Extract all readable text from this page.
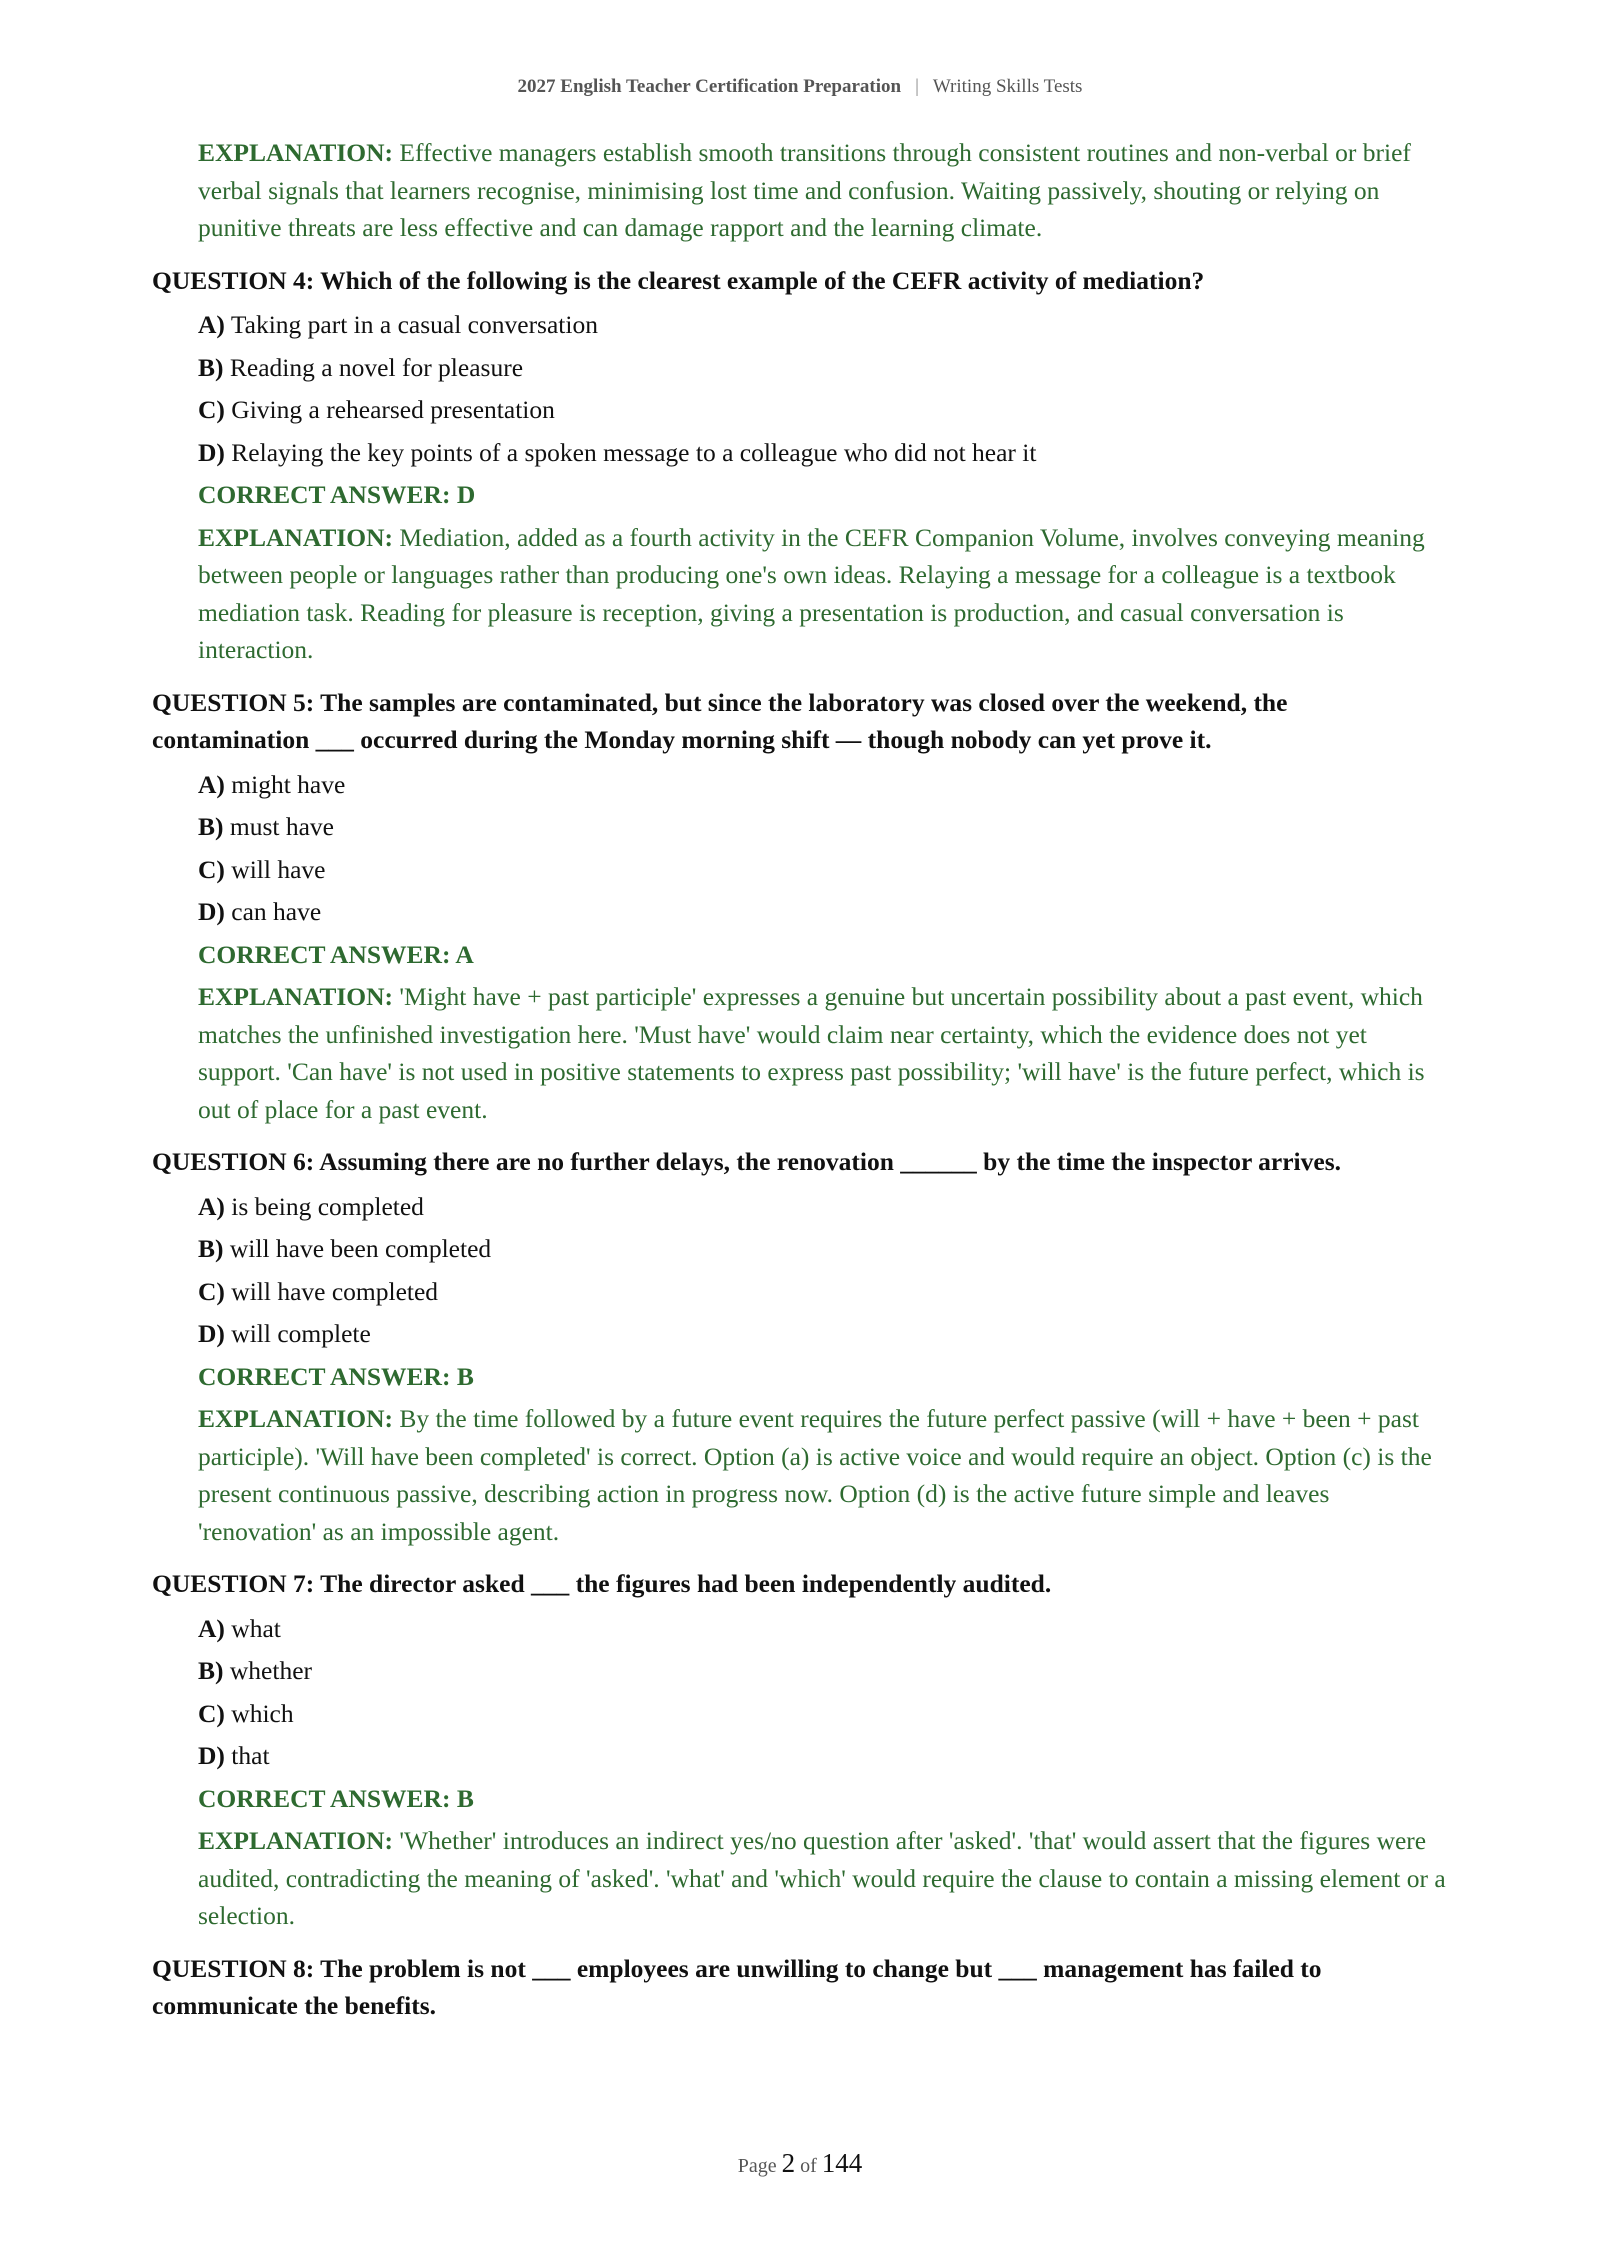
2027 English Teacher Certification Preparation | Writing Skills Tests
EXPLANATION: Effective managers establish smooth transitions through consistent routines and non-verbal or brief verbal signals that learners recognise, minimising lost time and confusion. Waiting passively, shouting or relying on punitive threats are less effective and can damage rapport and the learning climate.
QUESTION 4: Which of the following is the clearest example of the CEFR activity of mediation?
A) Taking part in a casual conversation
B) Reading a novel for pleasure
C) Giving a rehearsed presentation
D) Relaying the key points of a spoken message to a colleague who did not hear it
CORRECT ANSWER: D
EXPLANATION: Mediation, added as a fourth activity in the CEFR Companion Volume, involves conveying meaning between people or languages rather than producing one's own ideas. Relaying a message for a colleague is a textbook mediation task. Reading for pleasure is reception, giving a presentation is production, and casual conversation is interaction.
QUESTION 5: The samples are contaminated, but since the laboratory was closed over the weekend, the contamination ___ occurred during the Monday morning shift — though nobody can yet prove it.
A) might have
B) must have
C) will have
D) can have
CORRECT ANSWER: A
EXPLANATION: 'Might have + past participle' expresses a genuine but uncertain possibility about a past event, which matches the unfinished investigation here. 'Must have' would claim near certainty, which the evidence does not yet support. 'Can have' is not used in positive statements to express past possibility; 'will have' is the future perfect, which is out of place for a past event.
QUESTION 6: Assuming there are no further delays, the renovation ______ by the time the inspector arrives.
A) is being completed
B) will have been completed
C) will have completed
D) will complete
CORRECT ANSWER: B
EXPLANATION: By the time followed by a future event requires the future perfect passive (will + have + been + past participle). 'Will have been completed' is correct. Option (a) is active voice and would require an object. Option (c) is the present continuous passive, describing action in progress now. Option (d) is the active future simple and leaves 'renovation' as an impossible agent.
QUESTION 7: The director asked ___ the figures had been independently audited.
A) what
B) whether
C) which
D) that
CORRECT ANSWER: B
EXPLANATION: 'Whether' introduces an indirect yes/no question after 'asked'. 'that' would assert that the figures were audited, contradicting the meaning of 'asked'. 'what' and 'which' would require the clause to contain a missing element or a selection.
QUESTION 8: The problem is not ___ employees are unwilling to change but ___ management has failed to communicate the benefits.
Page 2 of 144
